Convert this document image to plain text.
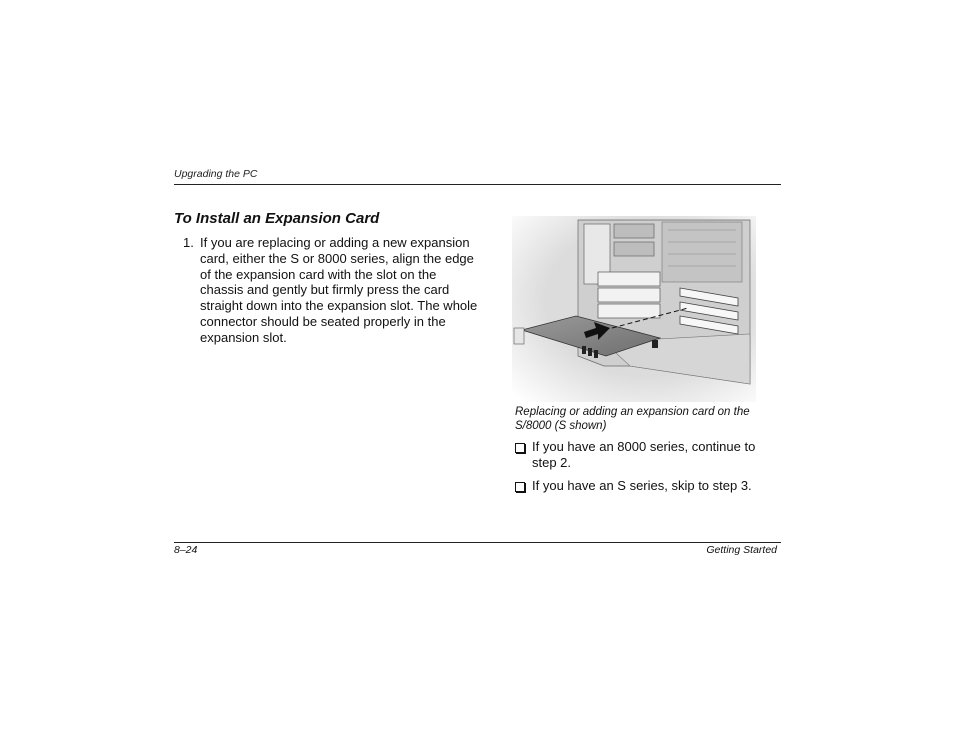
Upgrading the PC
To Install an Expansion Card
1. If you are replacing or adding a new expansion card, either the S or 8000 series, align the edge of the expansion card with the slot on the chassis and gently but firmly press the card straight down into the expansion slot. The whole connector should be seated properly in the expansion slot.
Replacing or adding an expansion card on the S/8000 (S shown)
If you have an 8000 series, continue to step 2.
If you have an S series, skip to step 3.
8–24	Getting Started
